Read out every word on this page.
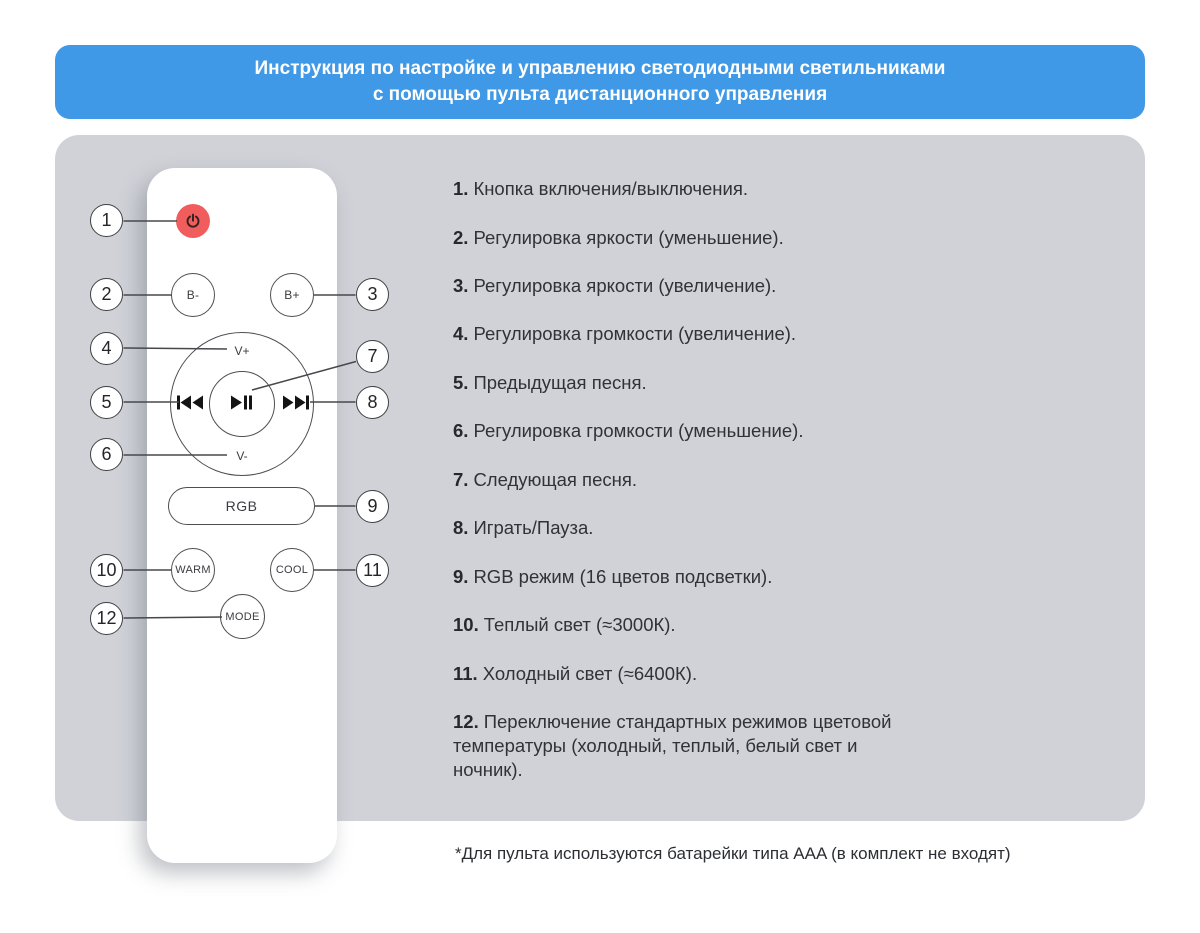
Инструкция по настройке и управлению светодиодными светильниками
с помощью пульта дистанционного управления
B-	B+
V+
V-
RGB
WARM	COOL
MODE
1
2	3
4
5
6
7
8
9
10	11
12
1. Кнопка включения/выключения.
2. Регулировка яркости (уменьшение).
3. Регулировка яркости (увеличение).
4. Регулировка громкости (увеличение).
5. Предыдущая песня.
6. Регулировка громкости (уменьшение).
7. Следующая песня.
8. Играть/Пауза.
9. RGB режим (16 цветов подсветки).
10. Теплый свет (≈3000К).
11. Холодный свет (≈6400К).
12. Переключение стандартных режимов цветовой температуры (холодный, теплый, белый свет и ночник).
*Для пульта используются батарейки типа AAA (в комплект не входят)
